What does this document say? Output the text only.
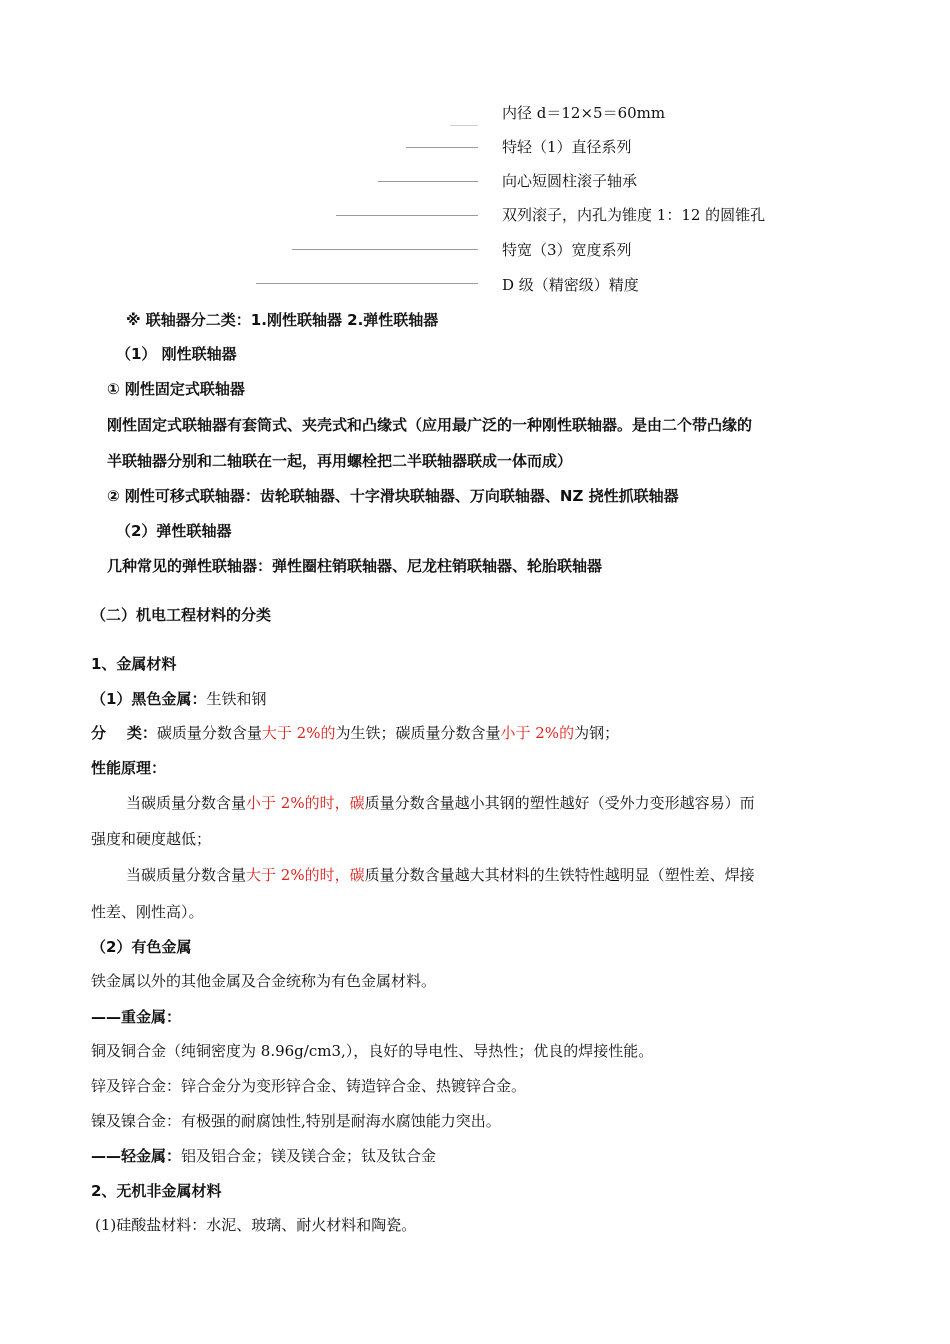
内径 d＝12×5＝60mm
特轻（1）直径系列
向心短圆柱滚子轴承
双列滚子，内孔为锥度 1：12 的圆锥孔
特宽（3）宽度系列
D 级（精密级）精度
※ 联轴器分二类：1.刚性联轴器 2.弹性联轴器
（1） 刚性联轴器
① 刚性固定式联轴器
刚性固定式联轴器有套筒式、夹壳式和凸缘式（应用最广泛的一种刚性联轴器。是由二个带凸缘的
半联轴器分别和二轴联在一起，再用螺栓把二半联轴器联成一体而成）
② 刚性可移式联轴器：齿轮联轴器、十字滑块联轴器、万向联轴器、NZ 挠性抓联轴器
（2）弹性联轴器
几种常见的弹性联轴器：弹性圈柱销联轴器、尼龙柱销联轴器、轮胎联轴器
（二）机电工程材料的分类
1、金属材料
（1）黑色金属：生铁和钢
分    类：碳质量分数含量大于 2%的为生铁；碳质量分数含量小于 2%的为钢；
性能原理：
当碳质量分数含量小于 2%的时，碳质量分数含量越小其钢的塑性越好（受外力变形越容易）而
强度和硬度越低；
当碳质量分数含量大于 2%的时，碳质量分数含量越大其材料的生铁特性越明显（塑性差、焊接
性差、刚性高）。
（2）有色金属
铁金属以外的其他金属及合金统称为有色金属材料。
——重金属：
铜及铜合金（纯铜密度为 8.96g/cm3,），良好的导电性、导热性；优良的焊接性能。
锌及锌合金：锌合金分为变形锌合金、铸造锌合金、热镀锌合金。
镍及镍合金：有极强的耐腐蚀性,特别是耐海水腐蚀能力突出。
——轻金属：铝及铝合金；镁及镁合金；钛及钛合金
2、无机非金属材料
(1)硅酸盐材料：水泥、玻璃、耐火材料和陶瓷。
